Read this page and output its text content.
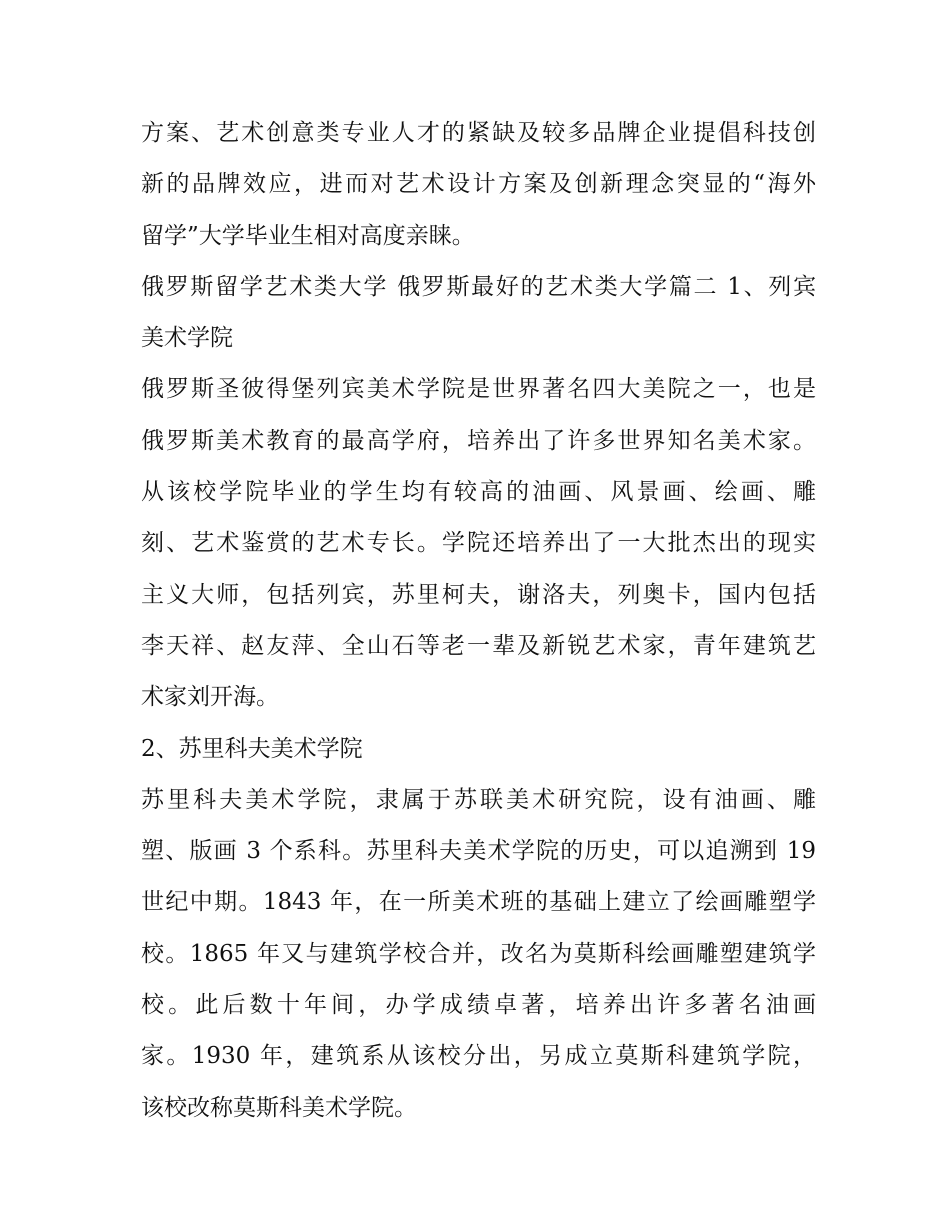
方案、艺术创意类专业人才的紧缺及较多品牌企业提倡科技创
新的品牌效应，进而对艺术设计方案及创新理念突显的“海外
留学”大学毕业生相对高度亲睐。
俄罗斯留学艺术类大学 俄罗斯最好的艺术类大学篇二 1、列宾
美术学院
俄罗斯圣彼得堡列宾美术学院是世界著名四大美院之一，也是
俄罗斯美术教育的最高学府，培养出了许多世界知名美术家。
从该校学院毕业的学生均有较高的油画、风景画、绘画、雕
刻、艺术鉴赏的艺术专长。学院还培养出了一大批杰出的现实
主义大师，包括列宾，苏里柯夫，谢洛夫，列奥卡，国内包括
李天祥、赵友萍、全山石等老一辈及新锐艺术家，青年建筑艺
术家刘开海。
2、苏里科夫美术学院
苏里科夫美术学院，隶属于苏联美术研究院，设有油画、雕
塑、版画 3 个系科。苏里科夫美术学院的历史，可以追溯到 19
世纪中期。1843 年，在一所美术班的基础上建立了绘画雕塑学
校。1865 年又与建筑学校合并，改名为莫斯科绘画雕塑建筑学
校。此后数十年间，办学成绩卓著，培养出许多著名油画
家。1930 年，建筑系从该校分出，另成立莫斯科建筑学院，
该校改称莫斯科美术学院。
